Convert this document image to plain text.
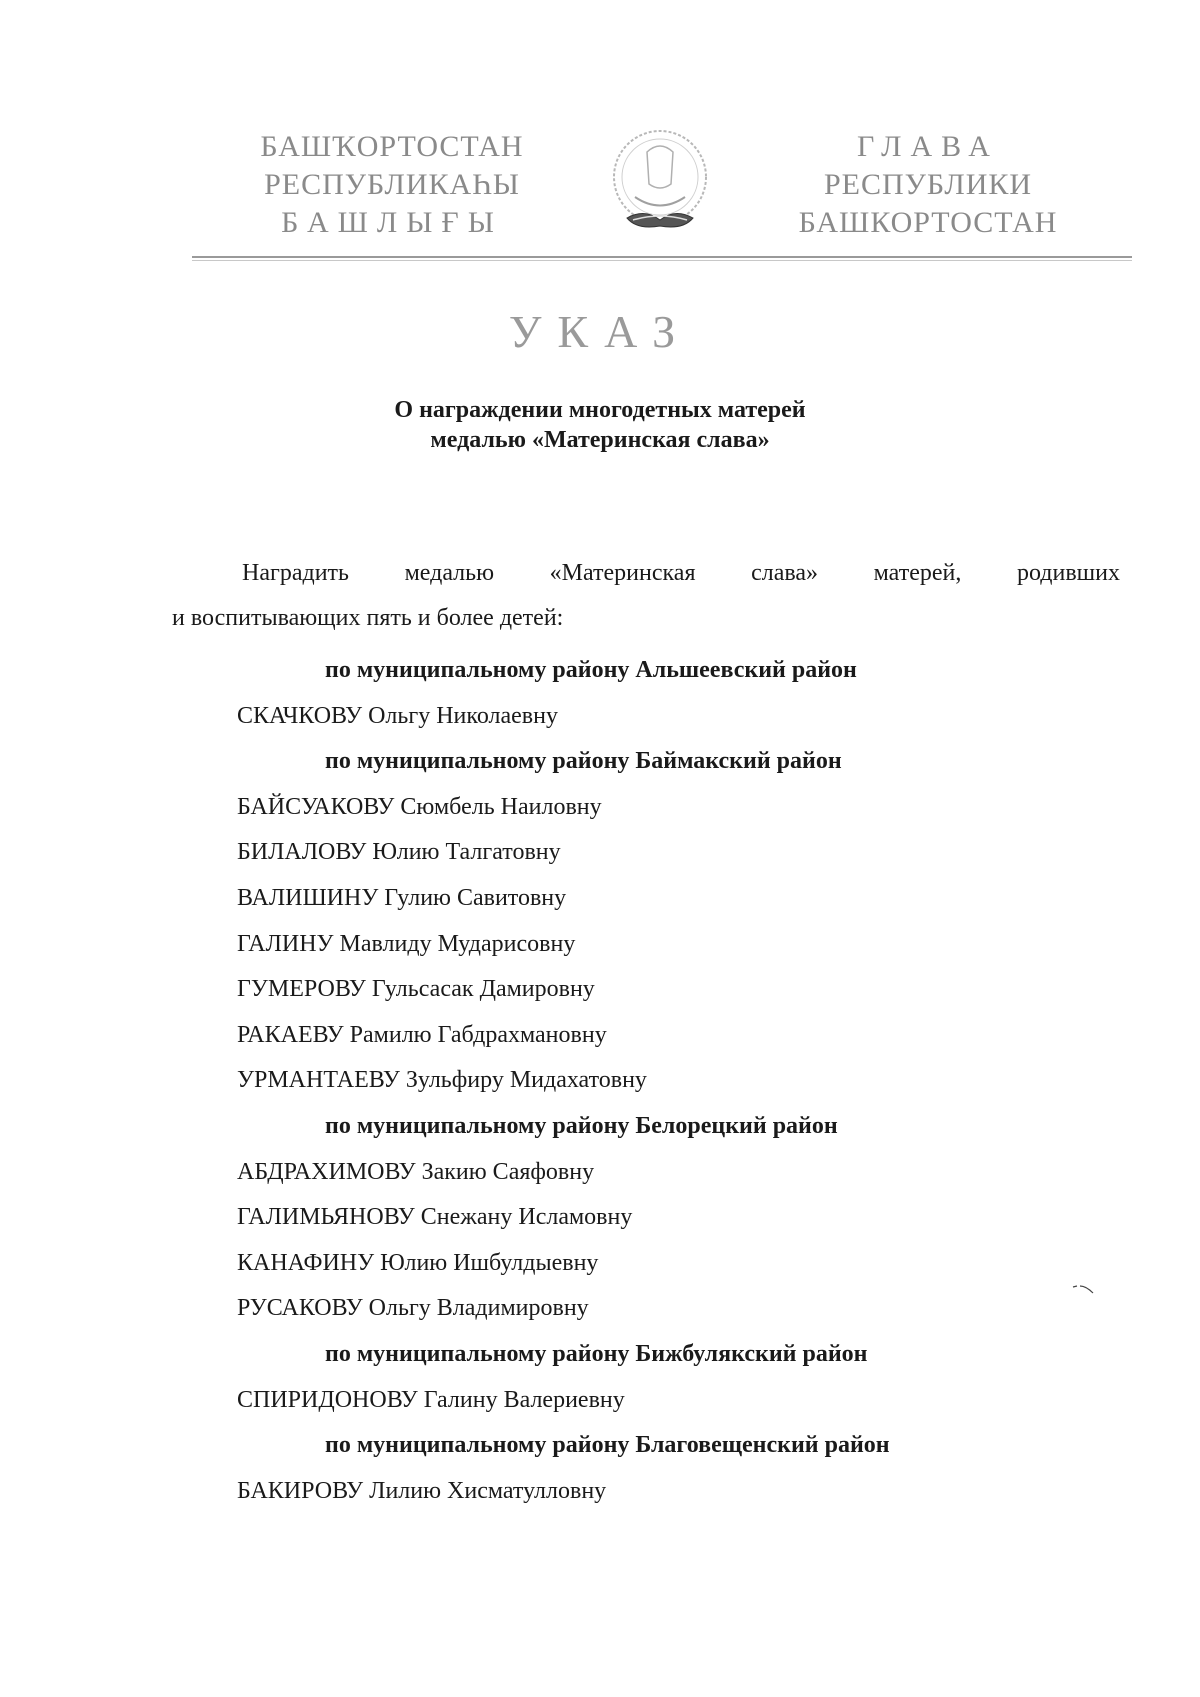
БАШҠОРТОСТАН
РЕСПУБЛИКАҺЫ
БАШЛЫҒЫ
ГЛАВА
РЕСПУБЛИКИ
БАШКОРТОСТАН
УКАЗ
О награждении многодетных матерей
медалью «Материнская слава»
Наградить медалью «Материнская слава» матерей, родивших
и воспитывающих пять и более детей:
по муниципальному району Альшеевский район
СКАЧКОВУ Ольгу Николаевну
по муниципальному району Баймакский район
БАЙСУАКОВУ Сюмбель Наиловну
БИЛАЛОВУ Юлию Талгатовну
ВАЛИШИНУ Гулию Савитовну
ГАЛИНУ Мавлиду Мударисовну
ГУМЕРОВУ Гульсасак Дамировну
РАКАЕВУ Рамилю Габдрахмановну
УРМАНТАЕВУ Зульфиру Мидахатовну
по муниципальному району Белорецкий район
АБДРАХИМОВУ Закию Саяфовну
ГАЛИМЬЯНОВУ Снежану Исламовну
КАНАФИНУ Юлию Ишбулдыевну
РУСАКОВУ Ольгу Владимировну
по муниципальному району Бижбулякский район
СПИРИДОНОВУ Галину Валериевну
по муниципальному району Благовещенский район
БАКИРОВУ Лилию Хисматулловну
